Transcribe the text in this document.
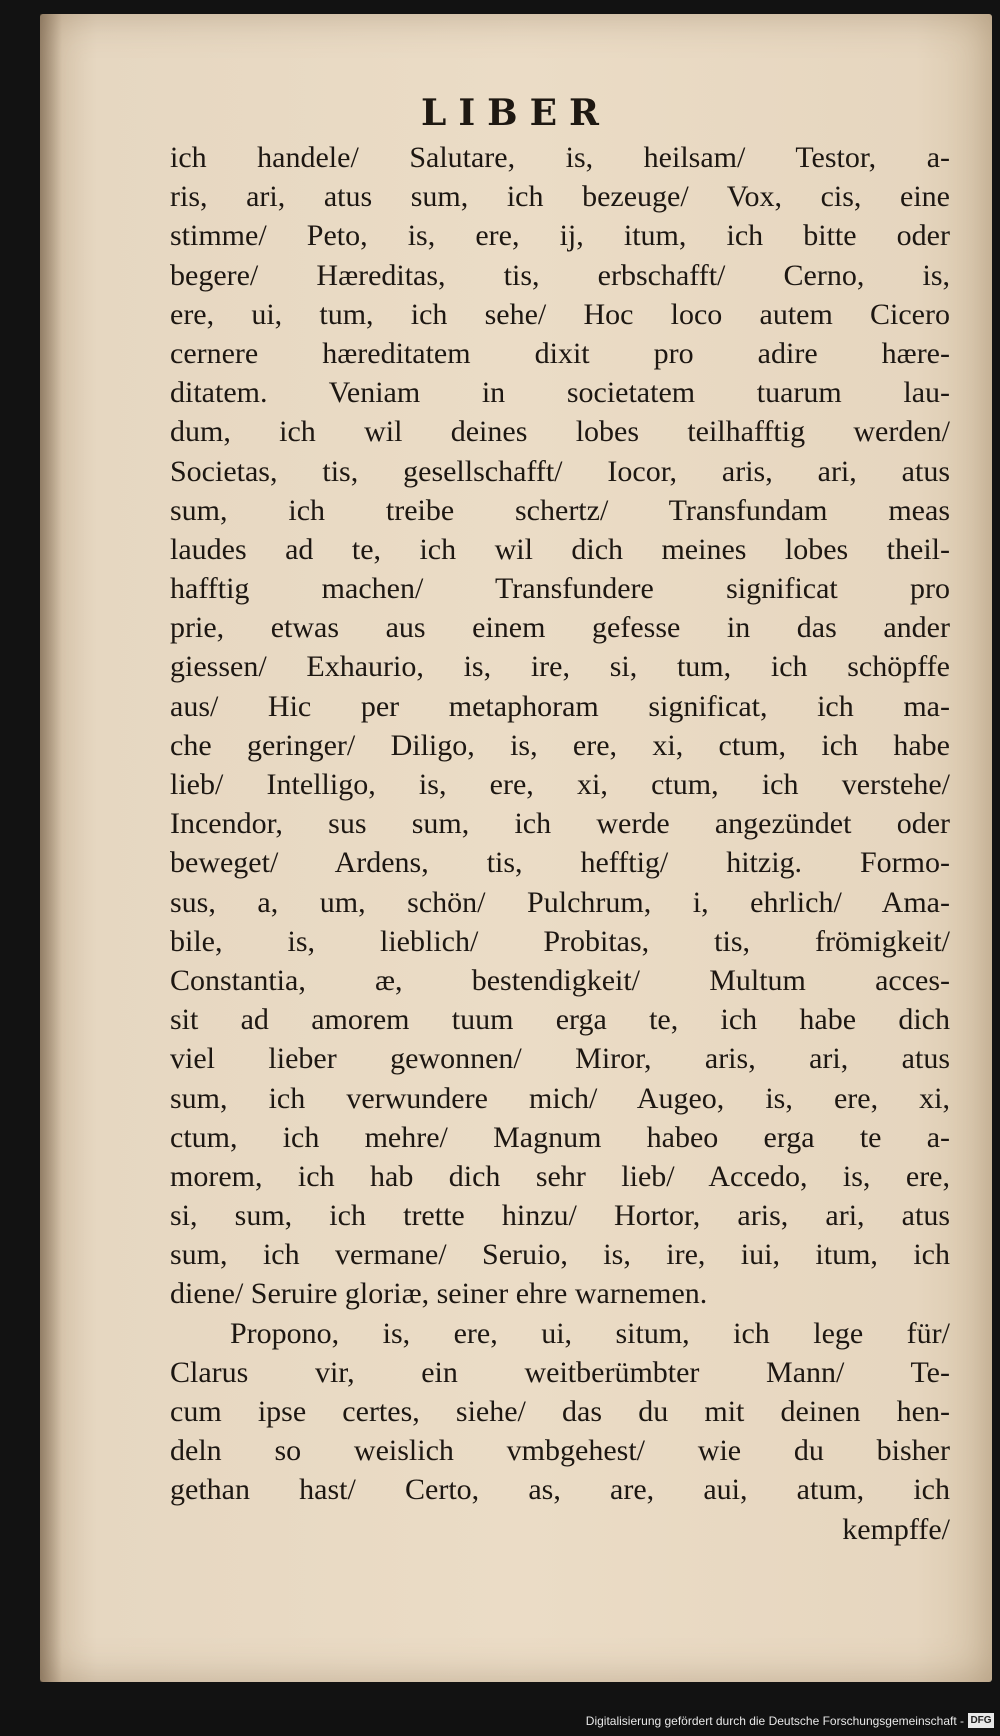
LIBER
ich handele/ Salutare, is, heilsam/ Testor, a-
ris, ari, atus sum, ich bezeuge/ Vox, cis, eine
stimme/ Peto, is, ere, ij, itum, ich bitte oder
begere/ Hæreditas, tis, erbschafft/ Cerno, is,
ere, ui, tum, ich sehe/ Hoc loco autem Cicero
cernere hæreditatem dixit pro adire hære-
ditatem. Veniam in societatem tuarum lau-
dum, ich wil deines lobes teilhafftig werden/
Societas, tis, gesellschafft/ Iocor, aris, ari, atus
sum, ich treibe schertz/ Transfundam meas
laudes ad te, ich wil dich meines lobes theil-
hafftig machen/ Transfundere significat pro
prie, etwas aus einem gefesse in das ander
giessen/ Exhaurio, is, ire, si, tum, ich schöpffe
aus/ Hic per metaphoram significat, ich ma-
che geringer/ Diligo, is, ere, xi, ctum, ich habe
lieb/ Intelligo, is, ere, xi, ctum, ich verstehe/
Incendor, sus sum, ich werde angezündet oder
beweget/ Ardens, tis, hefftig/ hitzig. Formo-
sus, a, um, schön/ Pulchrum, i, ehrlich/ Ama-
bile, is, lieblich/ Probitas, tis, frömigkeit/
Constantia, æ, bestendigkeit/ Multum acces-
sit ad amorem tuum erga te, ich habe dich
viel lieber gewonnen/ Miror, aris, ari, atus
sum, ich verwundere mich/ Augeo, is, ere, xi,
ctum, ich mehre/ Magnum habeo erga te a-
morem, ich hab dich sehr lieb/ Accedo, is, ere,
si, sum, ich trette hinzu/ Hortor, aris, ari, atus
sum, ich vermane/ Seruio, is, ire, iui, itum, ich
diene/ Seruire gloriæ, seiner ehre warnemen.
Propono, is, ere, ui, situm, ich lege für/
Clarus vir, ein weitberümbter Mann/ Te-
cum ipse certes, siehe/ das du mit deinen hen-
deln so weislich vmbgehest/ wie du bisher
gethan hast/ Certo, as, are, aui, atum, ich
kempffe/
Digitalisierung gefördert durch die Deutsche Forschungsgemeinschaft - DFG
